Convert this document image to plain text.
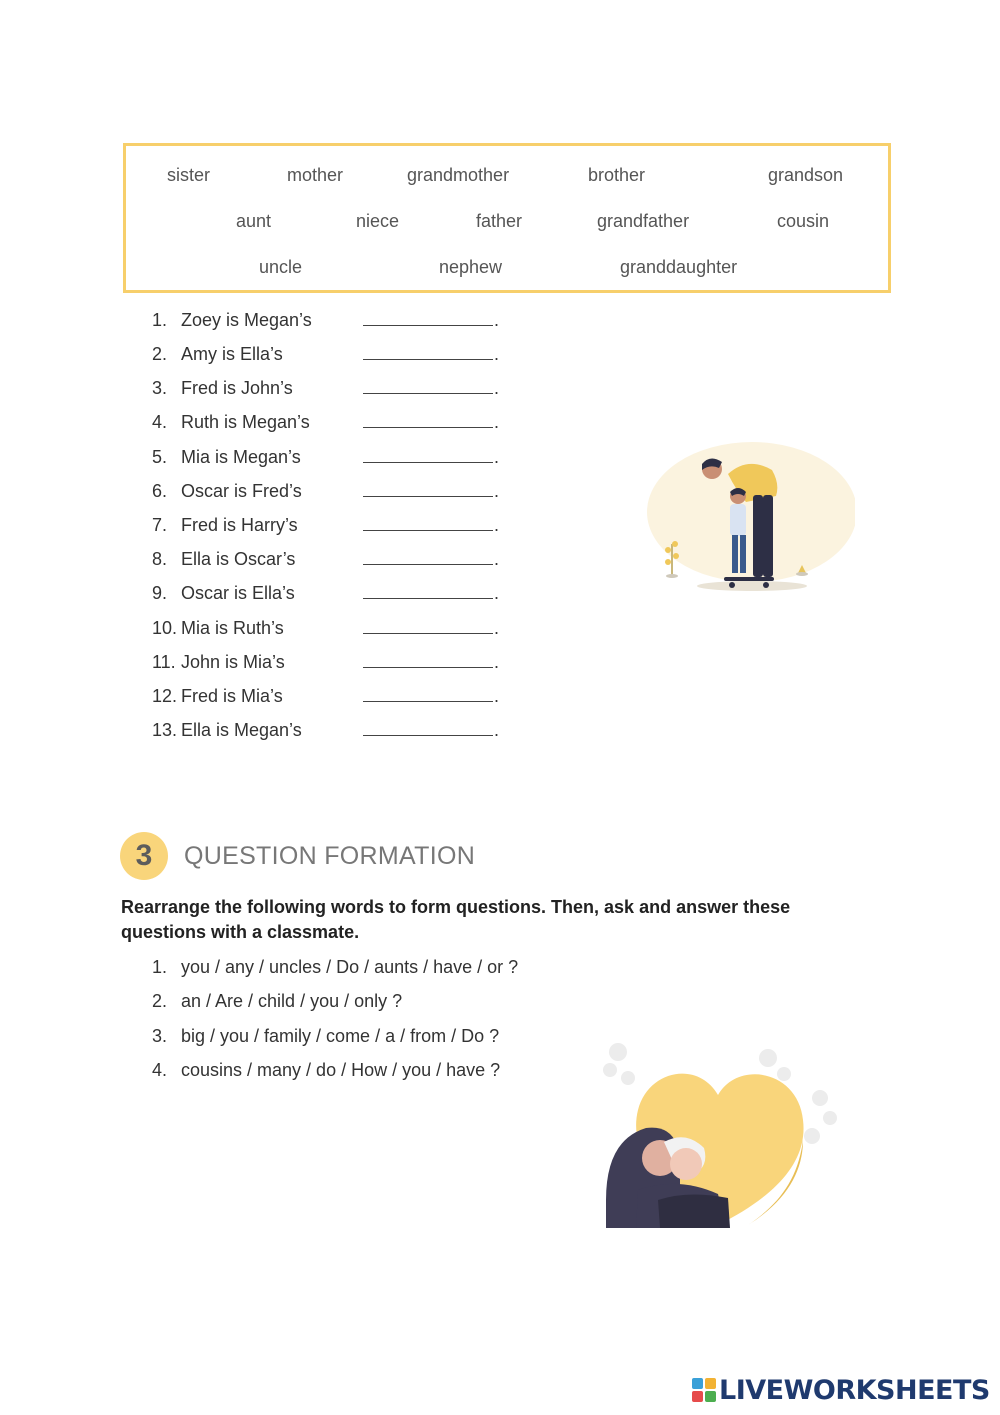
sister	mother	grandmother	brother	grandson
aunt	niece	father	grandfather	cousin
uncle	nephew	granddaughter
1. Zoey is Megan’s	.
2. Amy is Ella’s	.
3. Fred is John’s	.
4. Ruth is Megan’s	.
5. Mia is Megan’s	.
6. Oscar is Fred’s	.
7. Fred is Harry’s	.
8. Ella is Oscar’s	.
9. Oscar is Ella’s	.
10. Mia is Ruth’s	.
11. John is Mia’s	.
12. Fred is Mia’s	.
13. Ella is Megan’s	.
3	QUESTION FORMATION
Rearrange the following words to form questions. Then, ask and answer these questions with a classmate.
1. you / any / uncles / Do / aunts / have / or ?
2. an / Are / child / you / only ?
3. big / you / family / come / a / from / Do ?
4. cousins / many / do / How / you / have ?
LIVEWORKSHEETS
